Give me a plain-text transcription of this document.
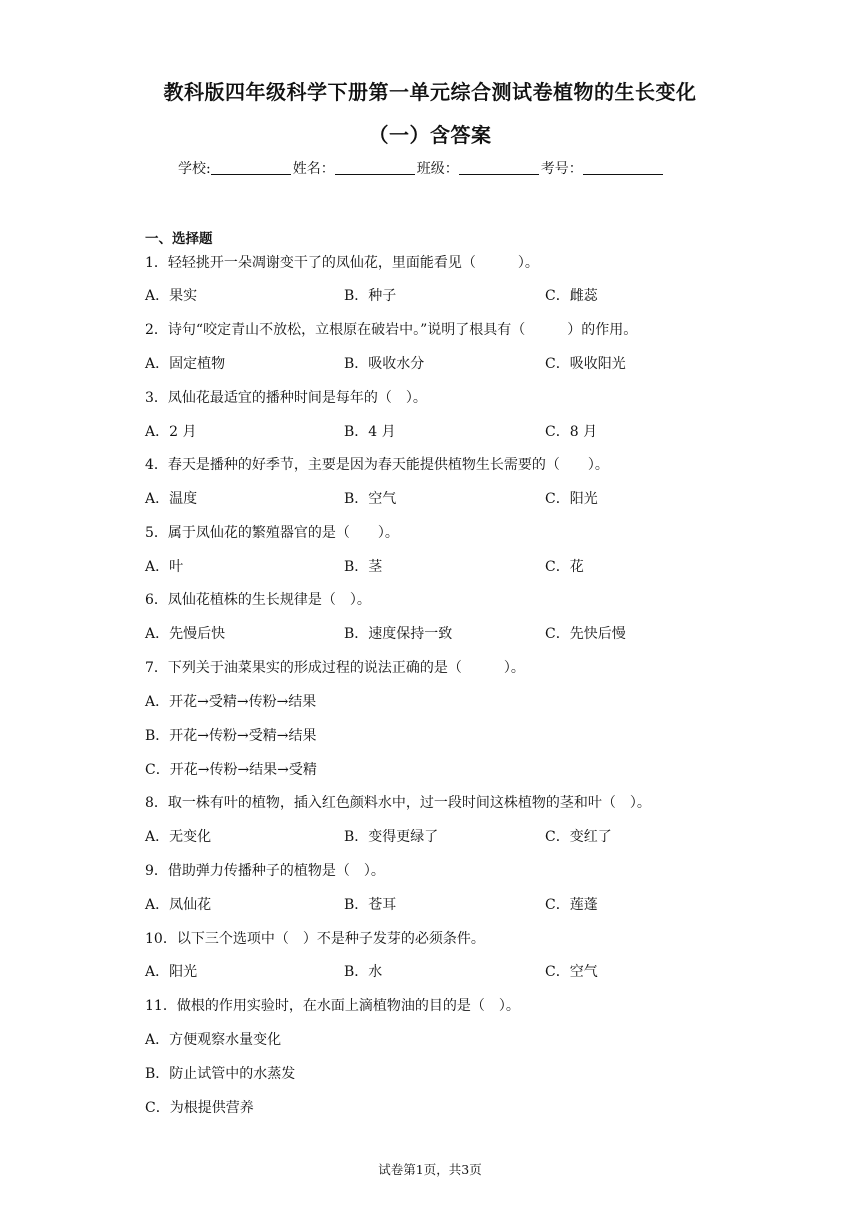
教科版四年级科学下册第一单元综合测试卷植物的生长变化
（一）含答案
学校:	姓名：	班级：	考号：
一、选择题
1．轻轻挑开一朵凋谢变干了的凤仙花，里面能看见（　　　）。
A．果实	B．种子	C．雌蕊
2．诗句“咬定青山不放松，立根原在破岩中。”说明了根具有（　　　）的作用。
A．固定植物	B．吸收水分	C．吸收阳光
3．凤仙花最适宜的播种时间是每年的（　）。
A．2 月	B．4 月	C．8 月
4．春天是播种的好季节，主要是因为春天能提供植物生长需要的（　　）。
A．温度	B．空气	C．阳光
5．属于凤仙花的繁殖器官的是（　　）。
A．叶	B．茎	C．花
6．凤仙花植株的生长规律是（　）。
A．先慢后快	B．速度保持一致	C．先快后慢
7．下列关于油菜果实的形成过程的说法正确的是（　　　）。
A．开花→受精→传粉→结果
B．开花→传粉→受精→结果
C．开花→传粉→结果→受精
8．取一株有叶的植物，插入红色颜料水中，过一段时间这株植物的茎和叶（　）。
A．无变化	B．变得更绿了	C．变红了
9．借助弹力传播种子的植物是（　）。
A．凤仙花	B．苍耳	C．莲蓬
10．以下三个选项中（　）不是种子发芽的必须条件。
A．阳光	B．水	C．空气
11．做根的作用实验时，在水面上滴植物油的目的是（　）。
A．方便观察水量变化
B．防止试管中的水蒸发
C．为根提供营养
试卷第1页，共3页
